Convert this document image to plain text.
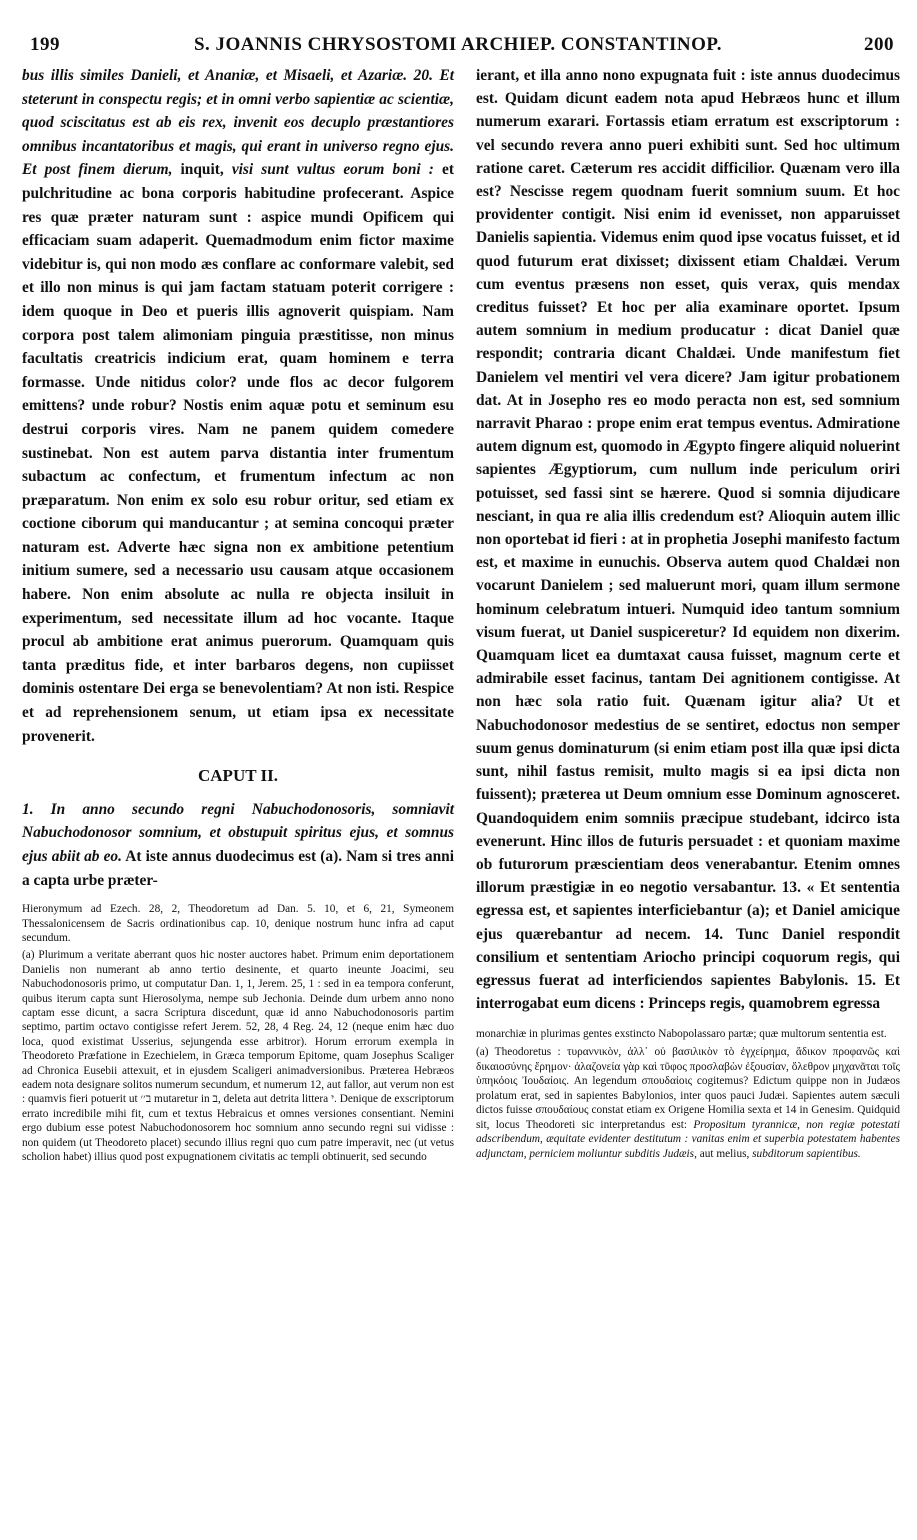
199	S. JOANNIS CHRYSOSTOMI ARCHIEP. CONSTANTINOP.	200

bus illis similes Danieli, et Ananiæ, et Misaeli, et Azariæ. 20. Et steterunt in conspectu regis; et in omni verbo sapientiæ ac scientiæ, quod sciscitatus est ab eis rex, invenit eos decuplo præstantiores omnibus incantatoribus et magis, qui erant in universo regno ejus. Et post finem dierum, inquit, visi sunt vultus eorum boni : et pulchritudine ac bona corporis habitudine profecerant. Aspice res quæ præter naturam sunt : aspice mundi Opificem qui efficaciam suam adaperit. Quemadmodum enim fictor maxime videbitur is, qui non modo æs conflare ac conformare valebit, sed et illo non minus is qui jam factam statuam poterit corrigere : idem quoque in Deo et pueris illis agnoverit quispiam. Nam corpora post talem alimoniam pinguia præstitisse, non minus facultatis creatricis indicium erat, quam hominem e terra formasse. Unde nitidus color? unde flos ac decor fulgorem emittens? unde robur? Nostis enim aquæ potu et seminum esu destrui corporis vires. Nam ne panem quidem comedere sustinebat. Non est autem parva distantia inter frumentum subactum ac confectum, et frumentum infectum ac non præparatum. Non enim ex solo esu robur oritur, sed etiam ex coctione ciborum qui manducantur ; at semina concoqui præter naturam est. Adverte hæc signa non ex ambitione petentium initium sumere, sed a necessario usu causam atque occasionem habere. Non enim absolute ac nulla re objecta insiluit in experimentum, sed necessitate illum ad hoc vocante. Itaque procul ab ambitione erat animus puerorum. Quamquam quis tanta præditus fide, et inter barbaros degens, non cupiisset dominis ostentare Dei erga se benevolentiam? At non isti. Respice et ad reprehensionem senum, ut etiam ipsa ex necessitate provenerit.

CAPUT II.

1. In anno secundo regni Nabuchodonosoris, somniavit Nabuchodonosor somnium, et obstupuit spiritus ejus, et somnus ejus abiit ab eo. At iste annus duodecimus est (a). Nam si tres anni a capta urbe præter-

Hieronymum ad Ezech. 28, 2, Theodoretum ad Dan. 5. 10, et 6, 21, Symeonem Thessalonicensem de Sacris ordinationibus cap. 10, denique nostrum hunc infra ad caput secundum.

(a) Plurimum a veritate aberrant quos hic noster auctores habet. Primum enim deportationem Danielis non numerant ab anno tertio desinente, et quarto ineunte Joacimi, seu Nabuchodonosoris primo, ut computatur Dan. 1, 1, Jerem. 25, 1 : sed in ea tempora conferunt, quibus iterum capta sunt Hierosolyma, nempe sub Jechonia. Deinde dum urbem anno nono captam esse dicunt, a sacra Scriptura discedunt, quæ id anno Nabuchodonosoris partim septimo, partim octavo contigisse refert Jerem. 52, 28, 4 Reg. 24, 12 (neque enim hæc duo loca, quod existimat Usserius, sejungenda esse arbitror). Horum errorum exempla in Theodoreto Præfatione in Ezechielem, in Græca temporum Epitome, quam Josephus Scaliger ad Chronica Eusebii attexuit, et in ejusdem Scaligeri animadversionibus. Præterea Hebræos eadem nota designare solitos numerum secundum, et numerum 12, aut fallor, aut verum non est : quamvis fieri potuerit ut ב׳׳ mutaretur in ב, deleta aut detrita littera י. Denique de exscriptorum errato incredibile mihi fit, cum et textus Hebraicus et omnes versiones consentiant. Nemini ergo dubium esse potest Nabuchodonosorem hoc somnium anno secundo regni sui vidisse : non quidem (ut Theodoreto placet) secundo illius regni quo cum patre imperavit, nec (ut vetus scholion habet) illius quod post expugnationem civitatis ac templi obtinuerit, sed secundo

ierant, et illa anno nono expugnata fuit : iste annus duodecimus est. Quidam dicunt eadem nota apud Hebræos hunc et illum numerum exarari. Fortassis etiam erratum est exscriptorum : vel secundo revera anno pueri exhibiti sunt. Sed hoc ultimum ratione caret. Cæterum res accidit difficilior. Quænam vero illa est? Nescisse regem quodnam fuerit somnium suum. Et hoc providenter contigit. Nisi enim id evenisset, non apparuisset Danielis sapientia. Videmus enim quod ipse vocatus fuisset, et id quod futurum erat dixisset; dixissent etiam Chaldæi. Verum cum eventus præsens non esset, quis verax, quis mendax creditus fuisset? Et hoc per alia examinare oportet. Ipsum autem somnium in medium producatur : dicat Daniel quæ respondit; contraria dicant Chaldæi. Unde manifestum fiet Danielem vel mentiri vel vera dicere? Jam igitur probationem dat. At in Josepho res eo modo peracta non est, sed somnium narravit Pharao : prope enim erat tempus eventus. Admiratione autem dignum est, quomodo in Ægypto fingere aliquid noluerint sapientes Ægyptiorum, cum nullum inde periculum oriri potuisset, sed fassi sint se hærere. Quod si somnia dijudicare nesciant, in qua re alia illis credendum est? Alioquin autem illic non oportebat id fieri : at in prophetia Josephi manifesto factum est, et maxime in eunuchis. Observa autem quod Chaldæi non vocarunt Danielem ; sed maluerunt mori, quam illum sermone hominum celebratum intueri. Numquid ideo tantum somnium visum fuerat, ut Daniel suspiceretur? Id equidem non dixerim. Quamquam licet ea dumtaxat causa fuisset, magnum certe et admirabile esset facinus, tantam Dei agnitionem contigisse. At non hæc sola ratio fuit. Quænam igitur alia? Ut et Nabuchodonosor medestius de se sentiret, edoctus non semper suum genus dominaturum (si enim etiam post illa quæ ipsi dicta sunt, nihil fastus remisit, multo magis si ea ipsi dicta non fuissent); præterea ut Deum omnium esse Dominum agnosceret. Quandoquidem enim somniis præcipue studebant, idcirco ista evenerunt. Hinc illos de futuris persuadet : et quoniam maxime ob futurorum præscientiam deos venerabantur. Etenim omnes illorum præstigiæ in eo negotio versabantur. 13. « Et sententia egressa est, et sapientes interficiebantur (a); et Daniel amicique ejus quærebantur ad necem. 14. Tunc Daniel respondit consilium et sententiam Ariocho principi coquorum regis, qui egressus fuerat ad interficiendos sapientes Babylonis. 15. Et interrogabat eum dicens : Princeps regis, quamobrem egressa

monarchiæ in plurimas gentes exstincto Nabopolassaro partæ; quæ multorum sententia est.

(a) Theodoretus : τυραννικὸν, ἀλλ᾽ οὐ βασιλικὸν τὸ ἐγχείρημα, ἄδικον προφανῶς καὶ δικαιοσύνης ἔρημον· ἀλαζονεία γὰρ καὶ τῦφος προσλαβὼν ἐξουσίαν, ὄλεθρον μηχανᾶται τοῖς ὑπηκόοις Ἰουδαίοις. An legendum σπουδαίοις cogitemus? Edictum quippe non in Judæos prolatum erat, sed in sapientes Babylonios, inter quos pauci Judæi. Sapientes autem sæculi dictos fuisse σπουδαίους constat etiam ex Origene Homilia sexta et 14 in Genesim. Quidquid sit, locus Theodoreti sic interpretandus est: Propositum tyrannicæ, non regiæ potestati adscribendum, æquitate evidenter destitutum : vanitas enim et superbia potestatem habentes adjunctam, perniciem moliuntur subditis Judæis, aut melius, subditorum sapientibus.
